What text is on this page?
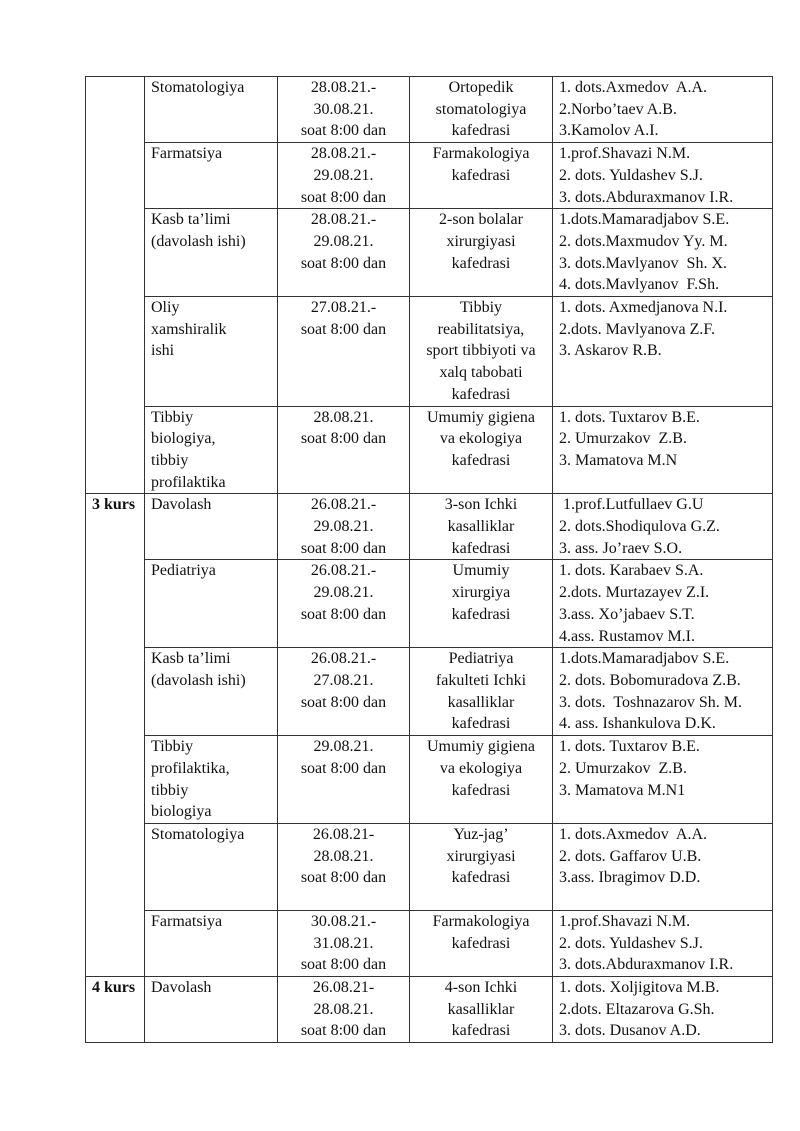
	Stomatologiya	28.08.21.-
30.08.21.
soat 8:00 dan	Ortopedik
stomatologiya
kafedrasi	1. dots.Axmedov  A.A.
2.Norbo’taev A.B.
3.Kamolov A.I.

	Farmatsiya	28.08.21.-
29.08.21.
soat 8:00 dan	Farmakologiya
kafedrasi	1.prof.Shavazi N.M.
2. dots. Yuldashev S.J.
3. dots.Abduraxmanov I.R.

	Kasb ta’limi
(davolash ishi)	28.08.21.-
29.08.21.
soat 8:00 dan	2-son bolalar
xirurgiyasi
kafedrasi	1.dots.Mamaradjabov S.E.
2. dots.Maxmudov Yy. M.
3. dots.Mavlyanov  Sh. X.
4. dots.Mavlyanov  F.Sh.

	Oliy
xamshiralik
ishi	27.08.21.-
soat 8:00 dan	Tibbiy
reabilitatsiya,
sport tibbiyoti va
xalq tabobati
kafedrasi	1. dots. Axmedjanova N.I.
2.dots. Mavlyanova Z.F.
3. Askarov R.B.

	Tibbiy
biologiya,
tibbiy
profilaktika	28.08.21.
soat 8:00 dan	Umumiy gigiena
va ekologiya
kafedrasi	1. dots. Tuxtarov B.E.
2. Umurzakov  Z.B.
3. Mamatova M.N

3 kurs	Davolash	26.08.21.-
29.08.21.
soat 8:00 dan	3-son Ichki
kasalliklar
kafedrasi	1.prof.Lutfullaev G.U
2. dots.Shodiqulova G.Z.
3. ass. Jo’raev S.O.

	Pediatriya	26.08.21.-
29.08.21.
soat 8:00 dan	Umumiy
xirurgiya
kafedrasi	1. dots. Karabaev S.A.
2.dots. Murtazayev Z.I.
3.ass. Xo’jabaev S.T.
4.ass. Rustamov M.I.

	Kasb ta’limi
(davolash ishi)	26.08.21.-
27.08.21.
soat 8:00 dan	Pediatriya
fakulteti Ichki
kasalliklar
kafedrasi	1.dots.Mamaradjabov S.E.
2. dots. Bobomuradova Z.B.
3. dots.  Toshnazarov Sh. M.
4. ass. Ishankulova D.K.

	Tibbiy
profilaktika,
tibbiy
biologiya	29.08.21.
soat 8:00 dan	Umumiy gigiena
va ekologiya
kafedrasi	1. dots. Tuxtarov B.E.
2. Umurzakov  Z.B.
3. Mamatova M.N1

	Stomatologiya	26.08.21-
28.08.21.
soat 8:00 dan	Yuz-jag’
xirurgiyasi
kafedrasi	1. dots.Axmedov  A.A.
2. dots. Gaffarov U.B.
3.ass. Ibragimov D.D.

	Farmatsiya	30.08.21.-
31.08.21.
soat 8:00 dan	Farmakologiya
kafedrasi	1.prof.Shavazi N.M.
2. dots. Yuldashev S.J.
3. dots.Abduraxmanov I.R.

4 kurs	Davolash	26.08.21-
28.08.21.
soat 8:00 dan	4-son Ichki
kasalliklar
kafedrasi	1. dots. Xoljigitova M.B.
2.dots. Eltazarova G.Sh.
3. dots. Dusanov A.D.
